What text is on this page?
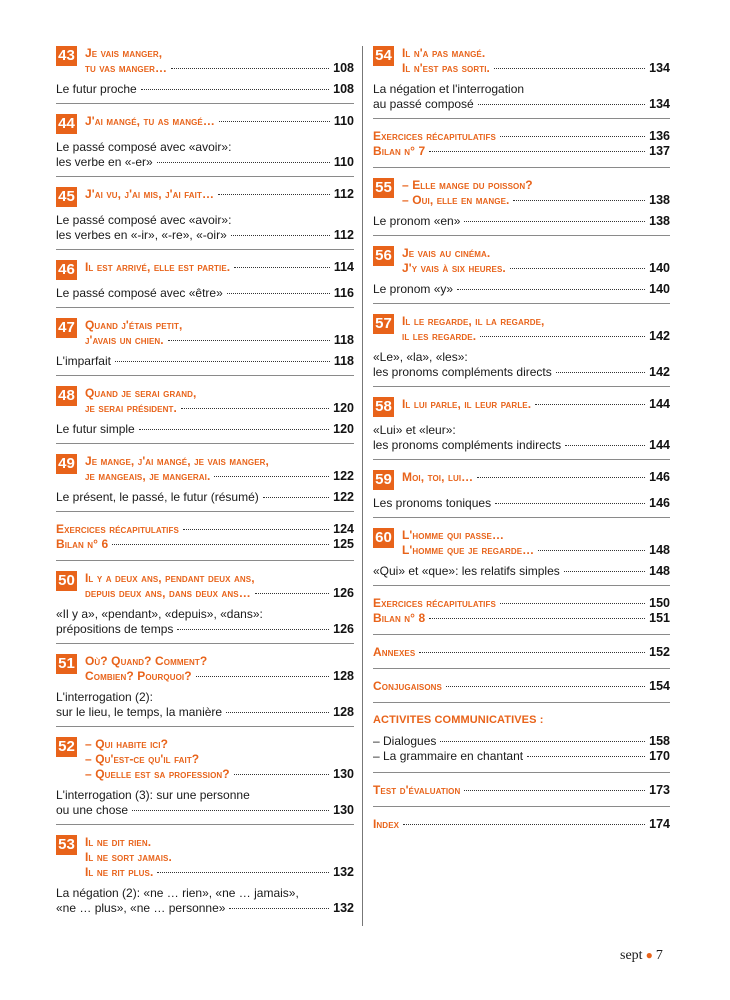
43 Je vais manger,
tu vas manger…	108
Le futur proche	108
44 J'ai mangé, tu as mangé…	110
Le passé composé avec «avoir»:
les verbe en «-er»	110
45 J'ai vu, j'ai mis, j'ai fait…	112
Le passé composé avec «avoir»:
les verbes en «-ir», «-re», «-oir»	112
46 Il est arrivé, elle est partie.	114
Le passé composé avec «être»	116
47 Quand j'étais petit,
j'avais un chien.	118
L'imparfait	118
48 Quand je serai grand,
je serai président.	120
Le futur simple	120
49 Je mange, j'ai mangé, je vais manger,
je mangeais, je mangerai.	122
Le présent, le passé, le futur (résumé)	122
Exercices récapitulatifs	124
Bilan n° 6	125
50 Il y a deux ans, pendant deux ans,
depuis deux ans, dans deux ans…	126
«Il y a», «pendant», «depuis», «dans»:
prépositions de temps	126
51 Où? Quand? Comment?
Combien? Pourquoi?	128
L'interrogation (2):
sur le lieu, le temps, la manière	128
52 – Qui habite ici?
– Qu'est-ce qu'il fait?
– Quelle est sa profession?	130
L'interrogation (3): sur une personne
ou une chose	130
53 Il ne dit rien.
Il ne sort jamais.
Il ne rit plus.	132
La négation (2): «ne … rien», «ne … jamais»,
«ne … plus», «ne … personne»	132
54 Il n'a pas mangé.
Il n'est pas sorti.	134
La négation et l'interrogation
au passé composé	134
Exercices récapitulatifs	136
Bilan n° 7	137
55 – Elle mange du poisson?
– Oui, elle en mange.	138
Le pronom «en»	138
56 Je vais au cinéma.
J'y vais à six heures.	140
Le pronom «y»	140
57 Il le regarde, il la regarde,
il les regarde.	142
«Le», «la», «les»:
les pronoms compléments directs	142
58 Il lui parle, il leur parle.	144
«Lui» et «leur»:
les pronoms compléments indirects	144
59 Moi, toi, lui…	146
Les pronoms toniques	146
60 L'homme qui passe…
L'homme que je regarde…	148
«Qui» et «que»: les relatifs simples	148
Exercices récapitulatifs	150
Bilan n° 8	151
Annexes	152
Conjugaisons	154
ACTIVITES COMMUNICATIVES :
– Dialogues	158
– La grammaire en chantant	170
Test d'évaluation	173
Index	174
sept ● 7
